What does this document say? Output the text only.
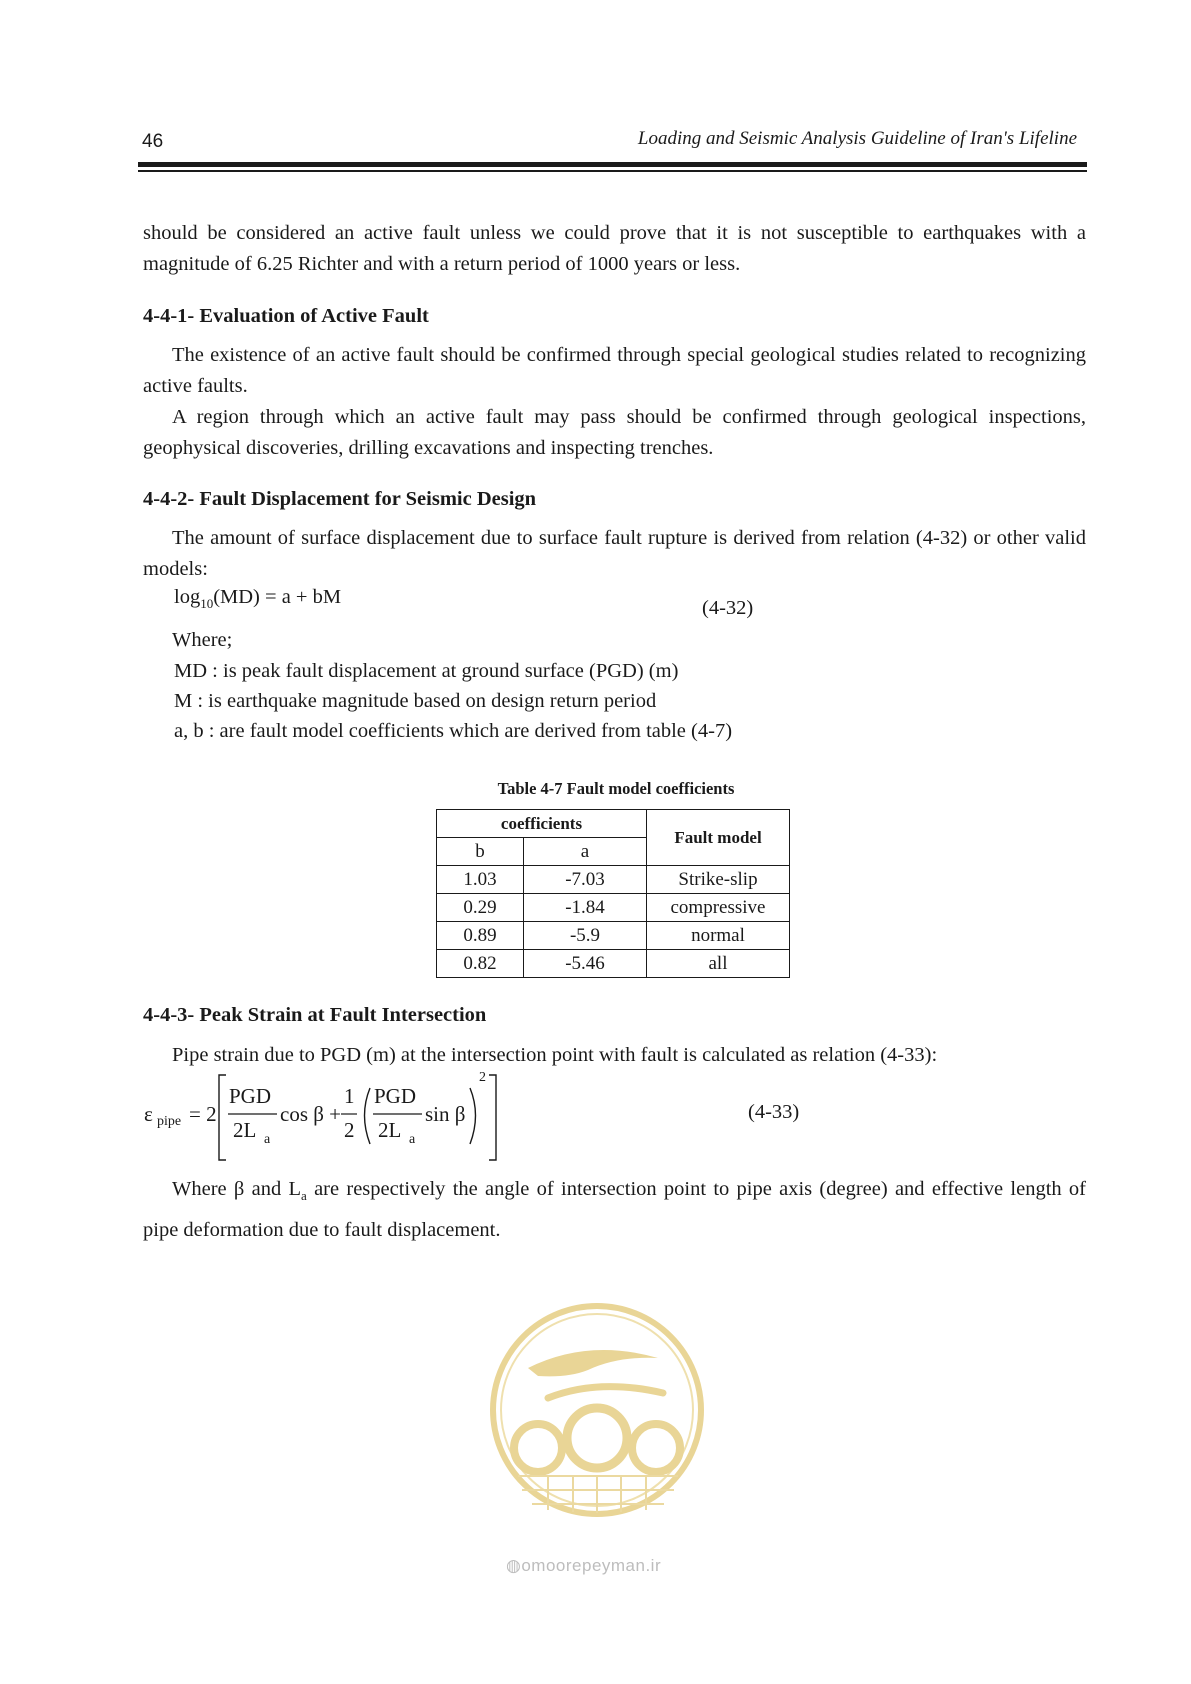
46	Loading and Seismic Analysis Guideline of Iran's Lifeline
should be considered an active fault unless we could prove that it is not susceptible to earthquakes with a magnitude of 6.25 Richter and with a return period of 1000 years or less.
4-4-1- Evaluation of Active Fault
The existence of an active fault should be confirmed through special geological studies related to recognizing active faults.
A region through which an active fault may pass should be confirmed through geological inspections, geophysical discoveries, drilling excavations and inspecting trenches.
4-4-2- Fault Displacement for Seismic Design
The amount of surface displacement due to surface fault rupture is derived from relation (4-32) or other valid models:
$\log_{10}(MD) = a$ + bM	(4-32)
Where;
MD : is peak fault displacement at ground surface (PGD) (m)
M : is earthquake magnitude based on design return period
a, b : are fault model coefficients which are derived from table (4-7)
Table 4-7 Fault model coefficients
coefficients		Fault model
b	a	
1.03	-7.03	Strike-slip
0.29	-1.84	compressive
0.89	-5.9	normal
0.82	-5.46	all
4-4-3- Peak Strain at Fault Intersection
Pipe strain due to PGD (m) at the intersection point with fault is calculated as relation (4-33):
ε pipe = 2
PGD
2L a
cos β +
1
2
PGD
2L a
sin β
2
(4-33)
Where β and $L_a$ are respectively the angle of intersection point to pipe axis (degree) and effective length of pipe deformation due to fault displacement.
◍omoorepeyman.ir
